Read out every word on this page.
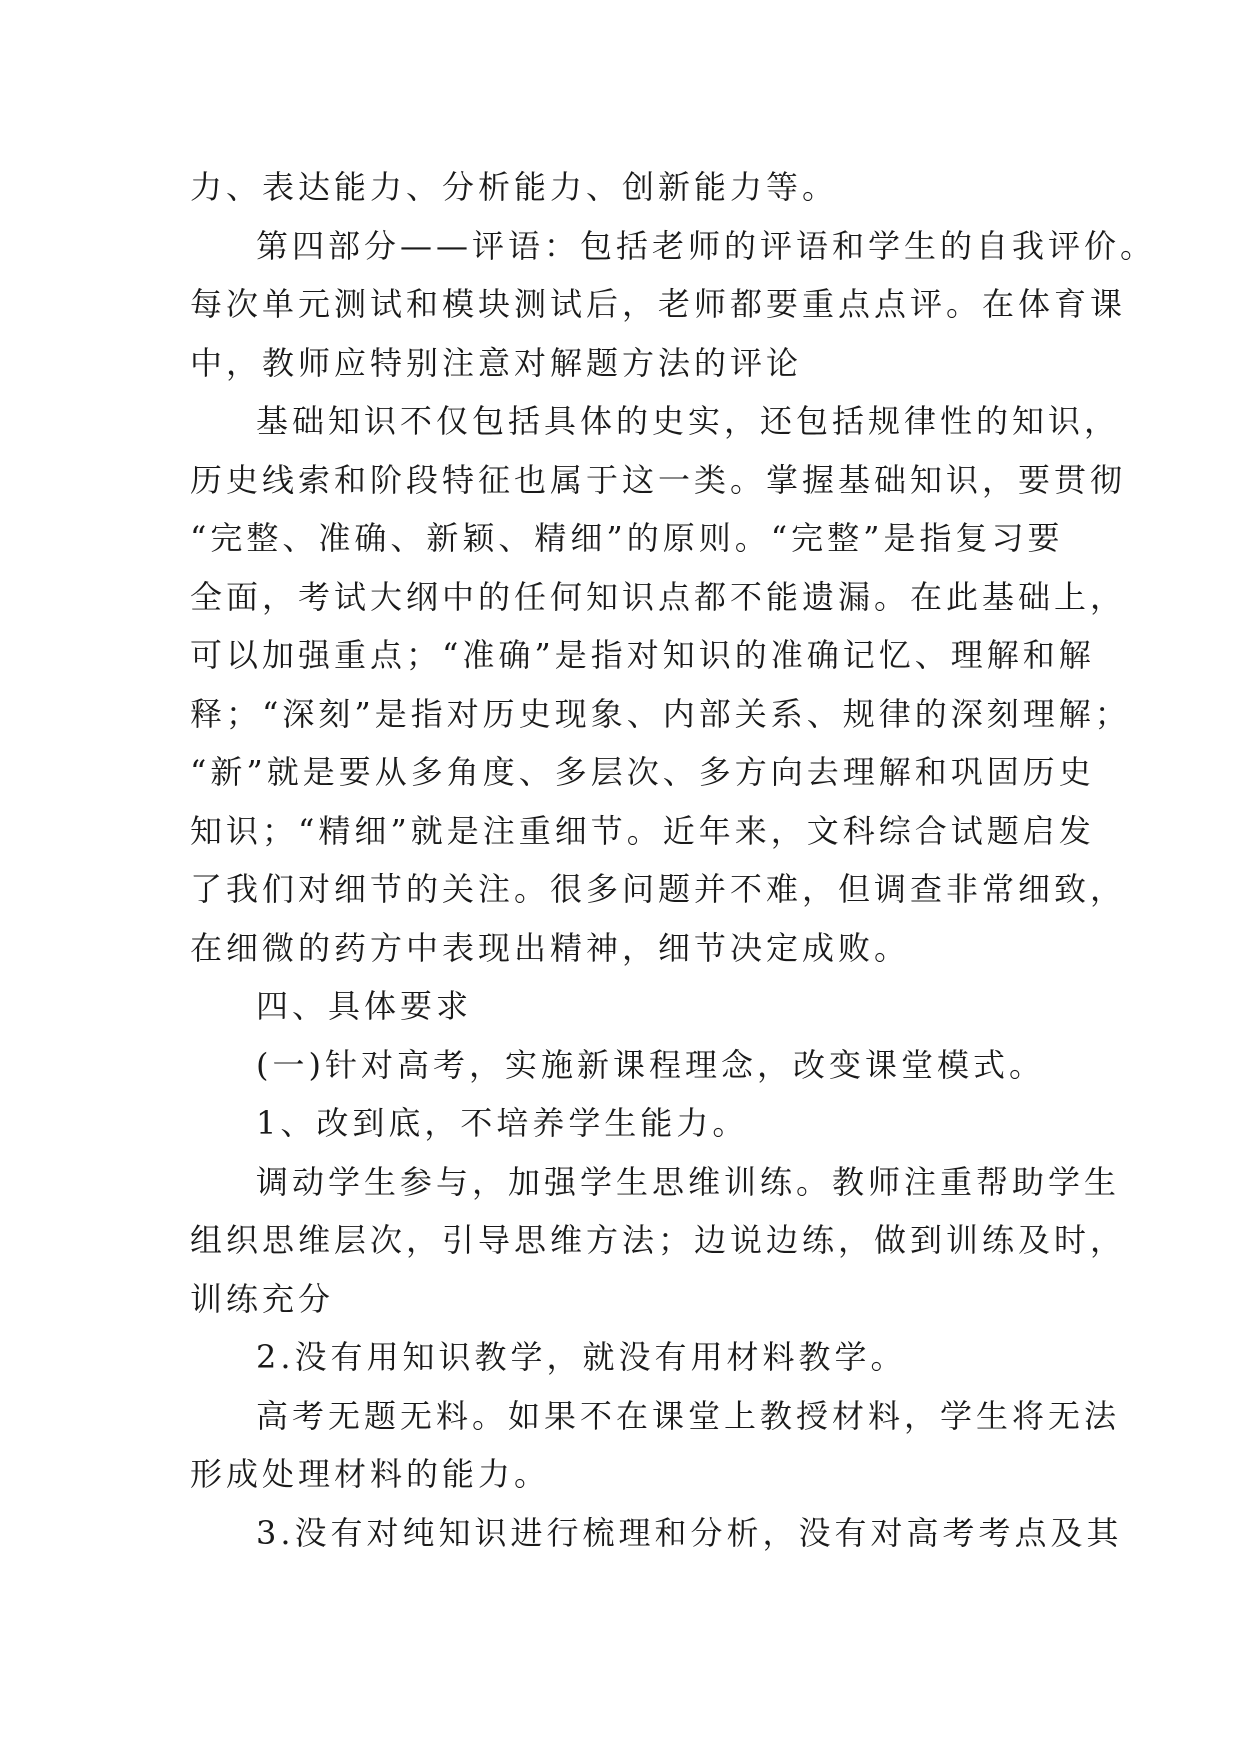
力、表达能力、分析能力、创新能力等。
第四部分——评语：包括老师的评语和学生的自我评价。
每次单元测试和模块测试后，老师都要重点点评。在体育课
中，教师应特别注意对解题方法的评论
基础知识不仅包括具体的史实，还包括规律性的知识，
历史线索和阶段特征也属于这一类。掌握基础知识，要贯彻
“完整、准确、新颖、精细”的原则。“完整”是指复习要
全面，考试大纲中的任何知识点都不能遗漏。在此基础上，
可以加强重点；“准确”是指对知识的准确记忆、理解和解
释；“深刻”是指对历史现象、内部关系、规律的深刻理解；
“新”就是要从多角度、多层次、多方向去理解和巩固历史
知识；“精细”就是注重细节。近年来，文科综合试题启发
了我们对细节的关注。很多问题并不难，但调查非常细致，
在细微的药方中表现出精神，细节决定成败。
四、具体要求
(一)针对高考，实施新课程理念，改变课堂模式。
1、改到底，不培养学生能力。
调动学生参与，加强学生思维训练。教师注重帮助学生
组织思维层次，引导思维方法；边说边练，做到训练及时，
训练充分
2.没有用知识教学，就没有用材料教学。
高考无题无料。如果不在课堂上教授材料，学生将无法
形成处理材料的能力。
3.没有对纯知识进行梳理和分析，没有对高考考点及其
